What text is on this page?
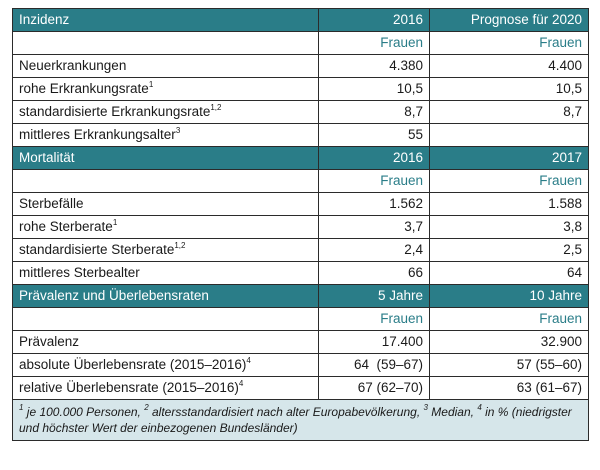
Inzidenz	2016	Prognose für 2020
	Frauen	Frauen
Neuerkrankungen	4.380	4.400
rohe Erkrankungsrate$^1$	10,5	10,5
standardisierte Erkrankungsrate$^{1,2}$	8,7	8,7
mittleres Erkrankungsalter$^3$	55	
Mortalität	2016	2017
	Frauen	Frauen
Sterbefälle	1.562	1.588
rohe Sterberate$^1$	3,7	3,8
standardisierte Sterberate$^{1,2}$	2,4	2,5
mittleres Sterbealter	66	64
Prävalenz und Überlebensraten	5 Jahre	10 Jahre
	Frauen	Frauen
Prävalenz	17.400	32.900
absolute Überlebensrate (2015–2016)$^4$	64  (59–67)	57 (55–60)
relative Überlebensrate (2015–2016)$^4$	67 (62–70)	63 (61–67)
$^1$ je 100.000 Personen, $^2$ altersstandardisiert nach alter Europabevölkerung, $^3$ Median, $^4$ in % (niedrigster und höchster Wert der einbezogenen Bundesländer)		
